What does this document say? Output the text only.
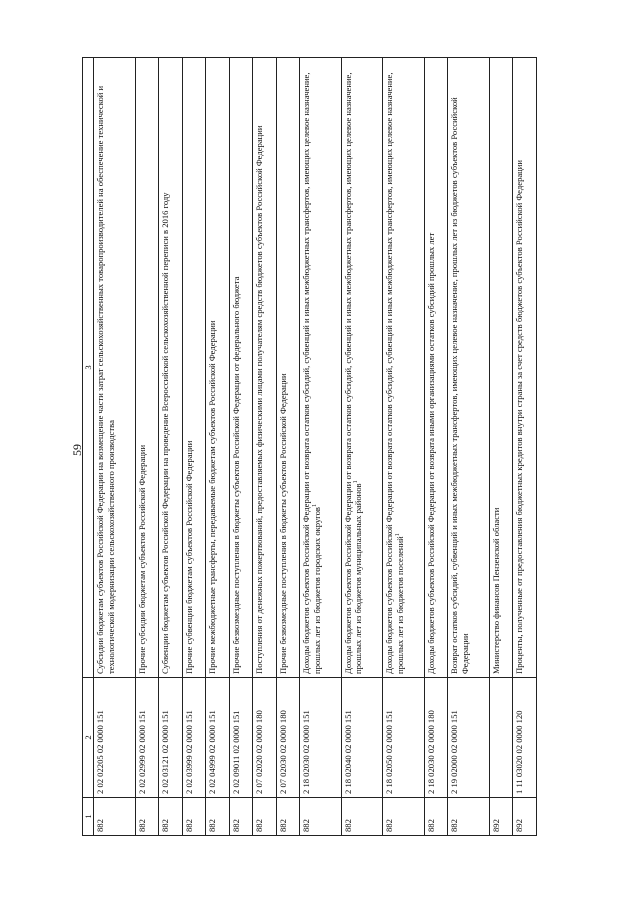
59
1	2	3
882	2 02 02205 02 0000 151	Субсидии бюджетам субъектов Российской Федерации на возмещение части затрат сельскохозяйственных товаропроизводителей на обеспечение технической и технологической модернизации сельскохозяйственного производства
882	2 02 02999 02 0000 151	Прочие субсидии бюджетам субъектов Российской Федерации
882	2 02 03121 02 0000 151	Субвенции бюджетам субъектов Российской Федерации на проведение Всероссийской сельскохозяйственной переписи в 2016 году
882	2 02 03999 02 0000 151	Прочие субвенции бюджетам субъектов Российской Федерации
882	2 02 04999 02 0000 151	Прочие межбюджетные трансферты, передаваемые бюджетам субъектов Российской Федерации
882	2 02 09011 02 0000 151	Прочие безвозмездные поступления в бюджеты субъектов Российской Федерации от федерального бюджета
882	2 07 02020 02 0000 180	Поступления от денежных пожертвований, предоставляемых физическими лицами получателям средств бюджетов субъектов Российской Федерации
882	2 07 02030 02 0000 180	Прочие безвозмездные поступления в бюджеты субъектов Российской Федерации
882	2 18 02030 02 0000 151	Доходы бюджетов субъектов Российской Федерации от возврата остатков субсидий, субвенций и иных межбюджетных трансфертов, имеющих целевое назначение, прошлых лет из бюджетов городских округов$^1$
882	2 18 02040 02 0000 151	Доходы бюджетов субъектов Российской Федерации от возврата остатков субсидий, субвенций и иных межбюджетных трансфертов, имеющих целевое назначение, прошлых лет из бюджетов муниципальных районов$^1$
882	2 18 02050 02 0000 151	Доходы бюджетов субъектов Российской Федерации от возврата остатков субсидий, субвенций и иных межбюджетных трансфертов, имеющих целевое назначение, прошлых лет из бюджетов поселений$^1$
882	2 18 02030 02 0000 180	Доходы бюджетов субъектов Российской Федерации от возврата иными организациями остатков субсидий прошлых лет
882	2 19 02000 02 0000 151	Возврат остатков субсидий, субвенций и иных межбюджетных трансфертов, имеющих целевое назначение, прошлых лет из бюджетов субъектов Российской Федерации
892		Министерство финансов Пензенской области
892	1 11 03020 02 0000 120	Проценты, полученные от предоставления бюджетных кредитов внутри страны за счет средств бюджетов субъектов Российской Федерации
